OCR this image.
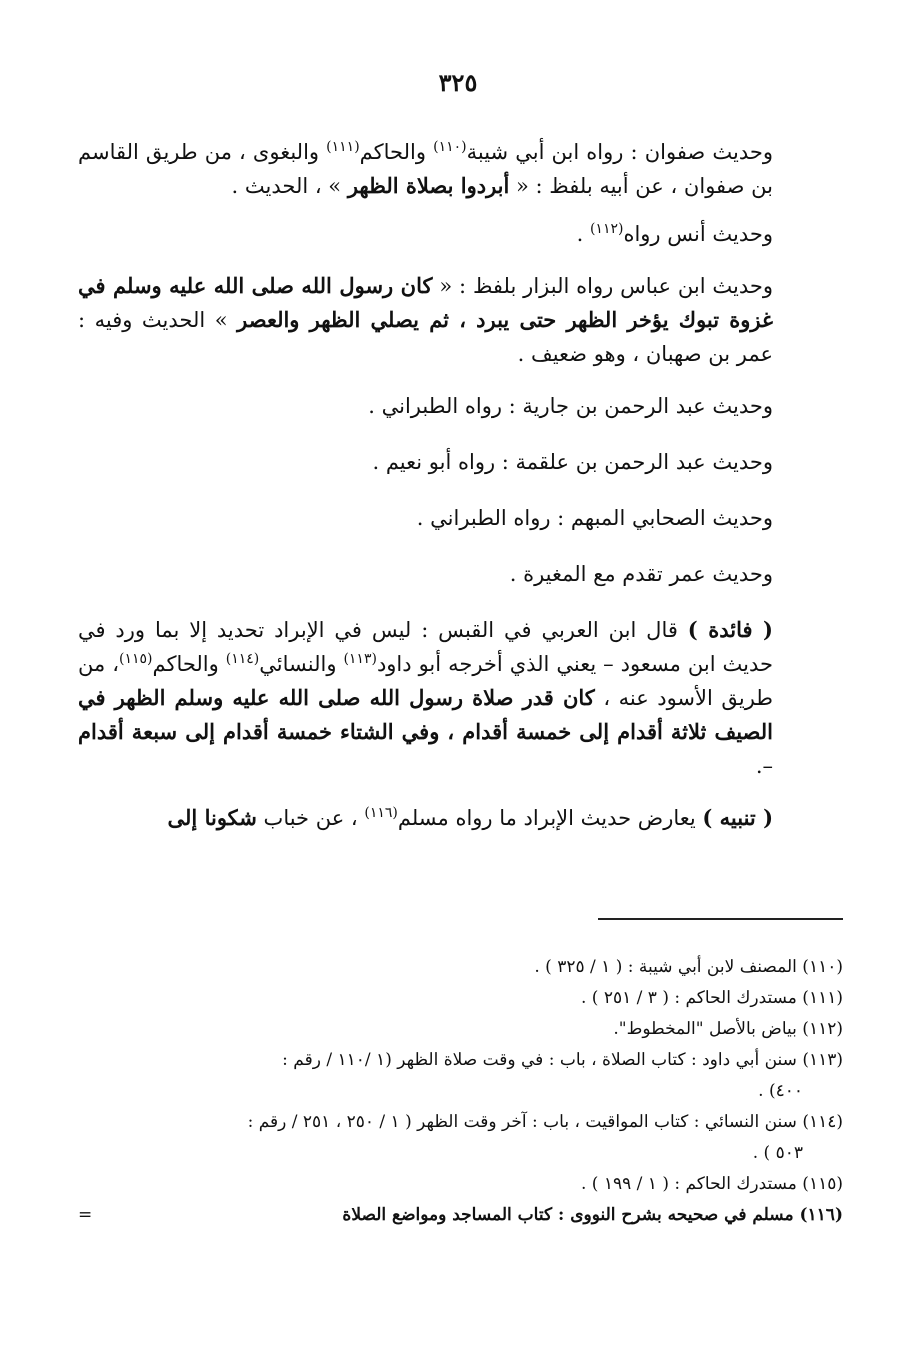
٣٢٥

وحديث صفوان : رواه ابن أبي شيبة$^{(١١٠)}$ والحاكم$^{(١١١)}$ والبغوى ، من طريق القاسم بن صفوان ، عن أبيه بلفظ : « أبردوا بصلاة الظهر » ، الحديث .

وحديث أنس رواه$^{(١١٢)}$ .

وحديث ابن عباس رواه البزار بلفظ : « كان رسول الله صلى الله عليه وسلم في غزوة تبوك يؤخر الظهر حتى يبرد ، ثم يصلي الظهر والعصر » الحديث وفيه : عمر بن صهبان ، وهو ضعيف .

وحديث عبد الرحمن بن جارية : رواه الطبراني .
وحديث عبد الرحمن بن علقمة : رواه أبو نعيم .
وحديث الصحابي المبهم : رواه الطبراني .
وحديث عمر تقدم مع المغيرة .

( فائدة ) قال ابن العربي في القبس : ليس في الإبراد تحديد إلا بما ورد في حديث ابن مسعود – يعني الذي أخرجه أبو داود$^{(١١٣)}$ والنسائي$^{(١١٤)}$ والحاكم$^{(١١٥)}$، من طريق الأسود عنه ، كان قدر صلاة رسول الله صلى الله عليه وسلم الظهر في الصيف ثلاثة أقدام إلى خمسة أقدام ، وفي الشتاء خمسة أقدام إلى سبعة أقدام –.

( تنبيه ) يعارض حديث الإبراد ما رواه مسلم$^{(١١٦)}$ ، عن خباب شكونا إلى

(١١٠) المصنف لابن أبي شيبة : ( ١ / ٣٢٥ ) .
(١١١) مستدرك الحاكم : ( ٣ / ٢٥١ ) .
(١١٢) بياض بالأصل "المخطوط".
(١١٣) سنن أبي داود : كتاب الصلاة ، باب : في وقت صلاة الظهر (١ /١١٠ / رقم :
٤٠٠) .
(١١٤) سنن النسائي : كتاب المواقيت ، باب : آخر وقت الظهر ( ١ / ٢٥٠ ، ٢٥١ / رقم :
٥٠٣ ) .
(١١٥) مستدرك الحاكم : ( ١ / ١٩٩ ) .
(١١٦) مسلم في صحيحه بشرح النووى : كتاب المساجد ومواضع الصلاة
=
